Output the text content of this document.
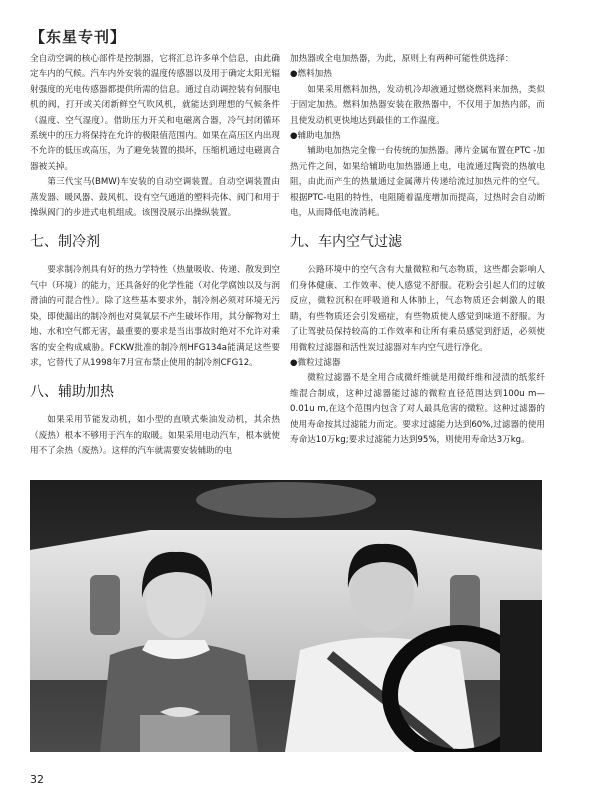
【东星专刊】

全自动空调的核心部件是控制器，它将汇总许多单个信息，由此确定车内的气候。汽车内外安装的温度传感器以及用于确定太阳光辐射强度的光电传感器都提供所需的信息。通过自动调控装有伺服电机的阀，打开或关闭新鲜空气吹风机，就能达到理想的气候条件（温度、空气湿度）。借助压力开关和电磁离合器，冷气封闭循环系统中的压力将保持在允许的极限值范围内。如果在高压区内出现不允许的低压或高压，为了避免装置的损坏，压缩机通过电磁离合器被关掉。

第三代宝马(BMW)车安装的自动空调装置。自动空调装置由蒸发器、暖风器、鼓风机、设有空气通道的塑料壳体、阀门和用于操纵阀门的步进式电机组成。该图没展示出操纵装置。

七、制冷剂

要求制冷剂具有好的热力学特性（热量吸收、传递、散发到空气中（环境）的能力，还具备好的化学性能（对化学腐蚀以及与润滑油的可混合性）。除了这些基本要求外，制冷剂必须对环境无污染，即使漏出的制冷剂也对臭氧层不产生破坏作用，其分解物对土地、水和空气都无害，最重要的要求是当出事故时绝对不允许对乘客的安全构成威胁。FCKW批准的制冷剂HFG134a能满足这些要求，它替代了从1998年7月宣布禁止使用的制冷剂CFG12。

八、辅助加热

如果采用节能发动机，如小型的直喷式柴油发动机，其余热（废热）根本不够用于汽车的取暖。如果采用电动汽车，根本就使用不了余热（废热）。这样的汽车就需要安装辅助的电

加热器或全电加热器，为此，原则上有两种可能性供选择：

●燃料加热

如果采用燃料加热，发动机冷却液通过燃烧燃料来加热，类似于固定加热。燃料加热器安装在散热器中，不仅用于加热内部，而且使发动机更快地达到最佳的工作温度。

●辅助电加热

辅助电加热完全像一台传统的加热器。薄片金属布置在PTC -加热元件之间，如果给辅助电加热器通上电，电流通过陶瓷的热敏电阻，由此而产生的热量通过金属薄片传递给流过加热元件的空气。根据PTC-电阻的特性，电阻随着温度增加而提高，过热时会自动断电，从而降低电流消耗。

九、车内空气过滤

公路环境中的空气含有大量微粒和气态物质，这些都会影响人们身体健康、工作效率、使人感觉不舒服。花粉会引起人们的过敏反应，微粒沉积在呼吸道和人体肺上，气态物质还会刺激人的眼睛，有些物质还会引发癌症，有些物质使人感觉到味道不舒服。为了让驾驶员保持较高的工作效率和让所有乘员感觉到舒适，必须使用微粒过滤器和活性炭过滤器对车内空气进行净化。

●微粒过滤器

微粒过滤器不是全用合成微纤维就是用微纤维和浸渍的纸浆纤维混合制成，这种过滤器能过滤的微粒直径范围达到100u m—0.01u m,在这个范围内包含了对人最具危害的微粒。这种过滤器的使用寿命按其过滤能力而定。要求过滤能力达到60%,过滤器的使用寿命达10万kg;要求过滤能力达到95%，则使用寿命达3万kg。

32
